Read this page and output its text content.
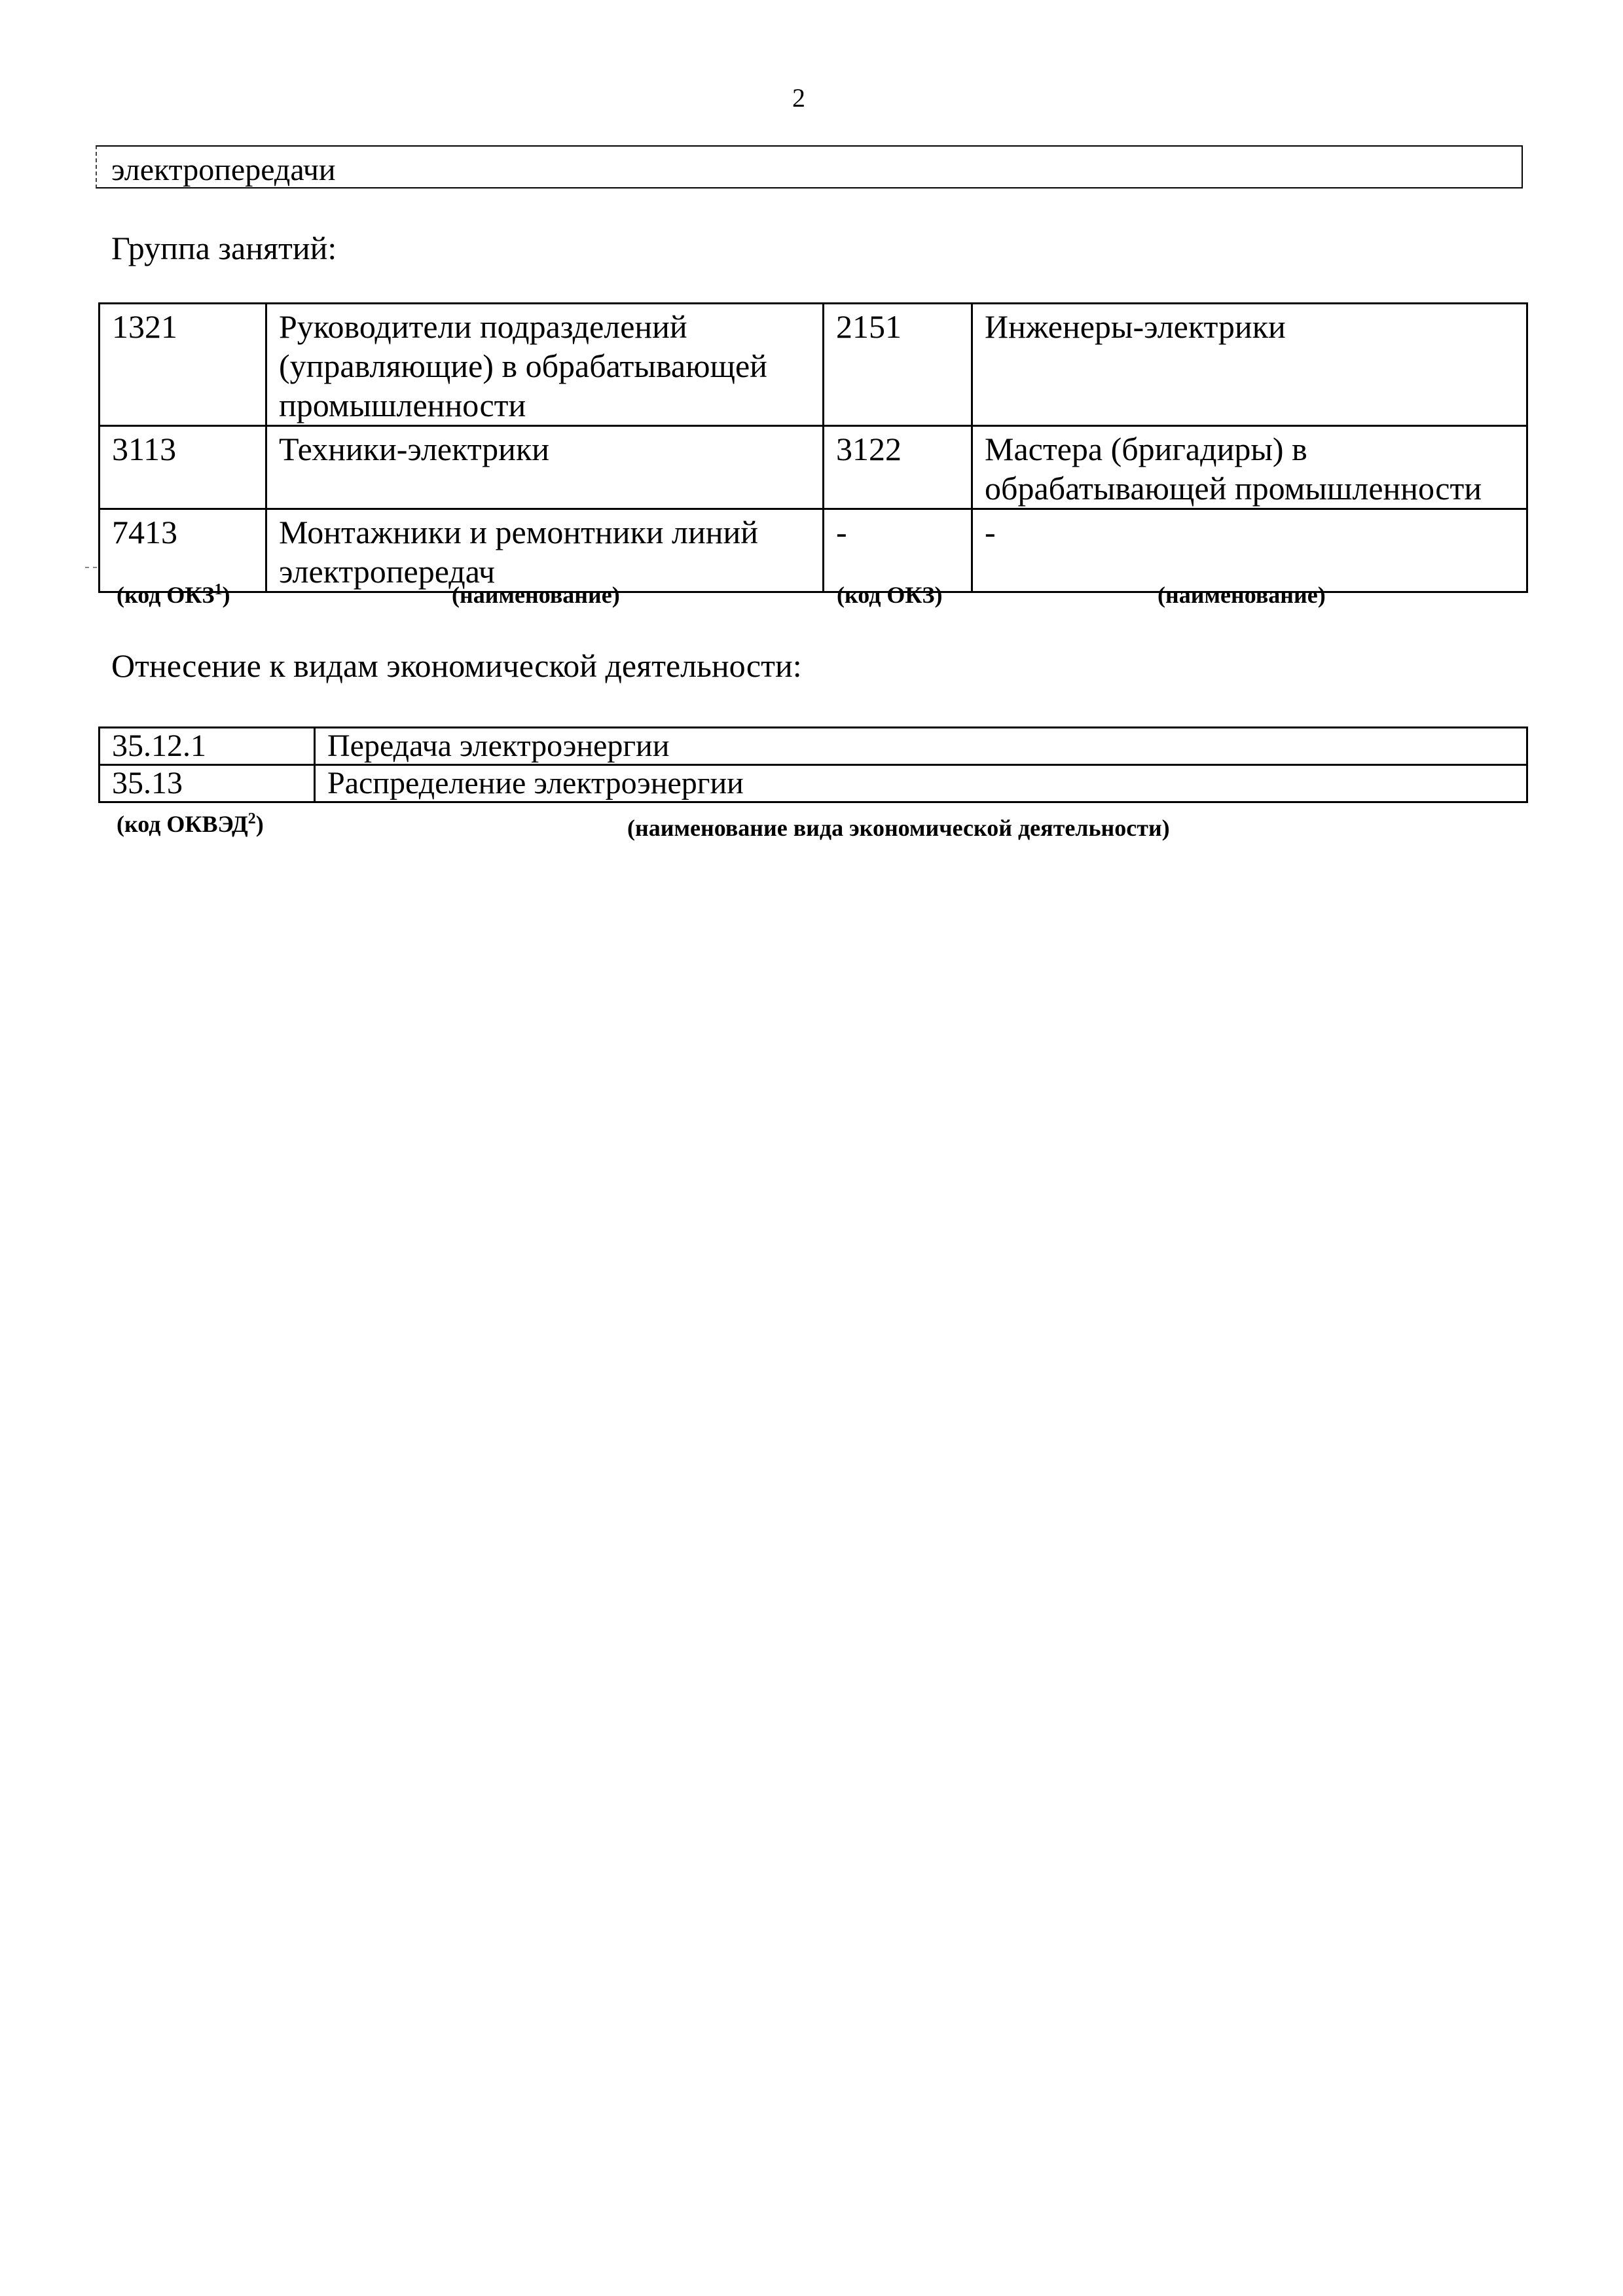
2
электропередачи
Группа занятий:
1321	Руководители подразделений (управляющие) в обрабатывающей промышленности	2151	Инженеры-электрики
3113	Техники-электрики	3122	Мастера (бригадиры) в обрабатывающей промышленности
7413	Монтажники и ремонтники линий электропередач	-	-
(код ОКЗ$^1$)	(наименование)	(код ОКЗ)	(наименование)
Отнесение к видам экономической деятельности:
35.12.1	Передача электроэнергии
35.13	Распределение электроэнергии
(код ОКВЭД$^2$)	(наименование вида экономической деятельности)
